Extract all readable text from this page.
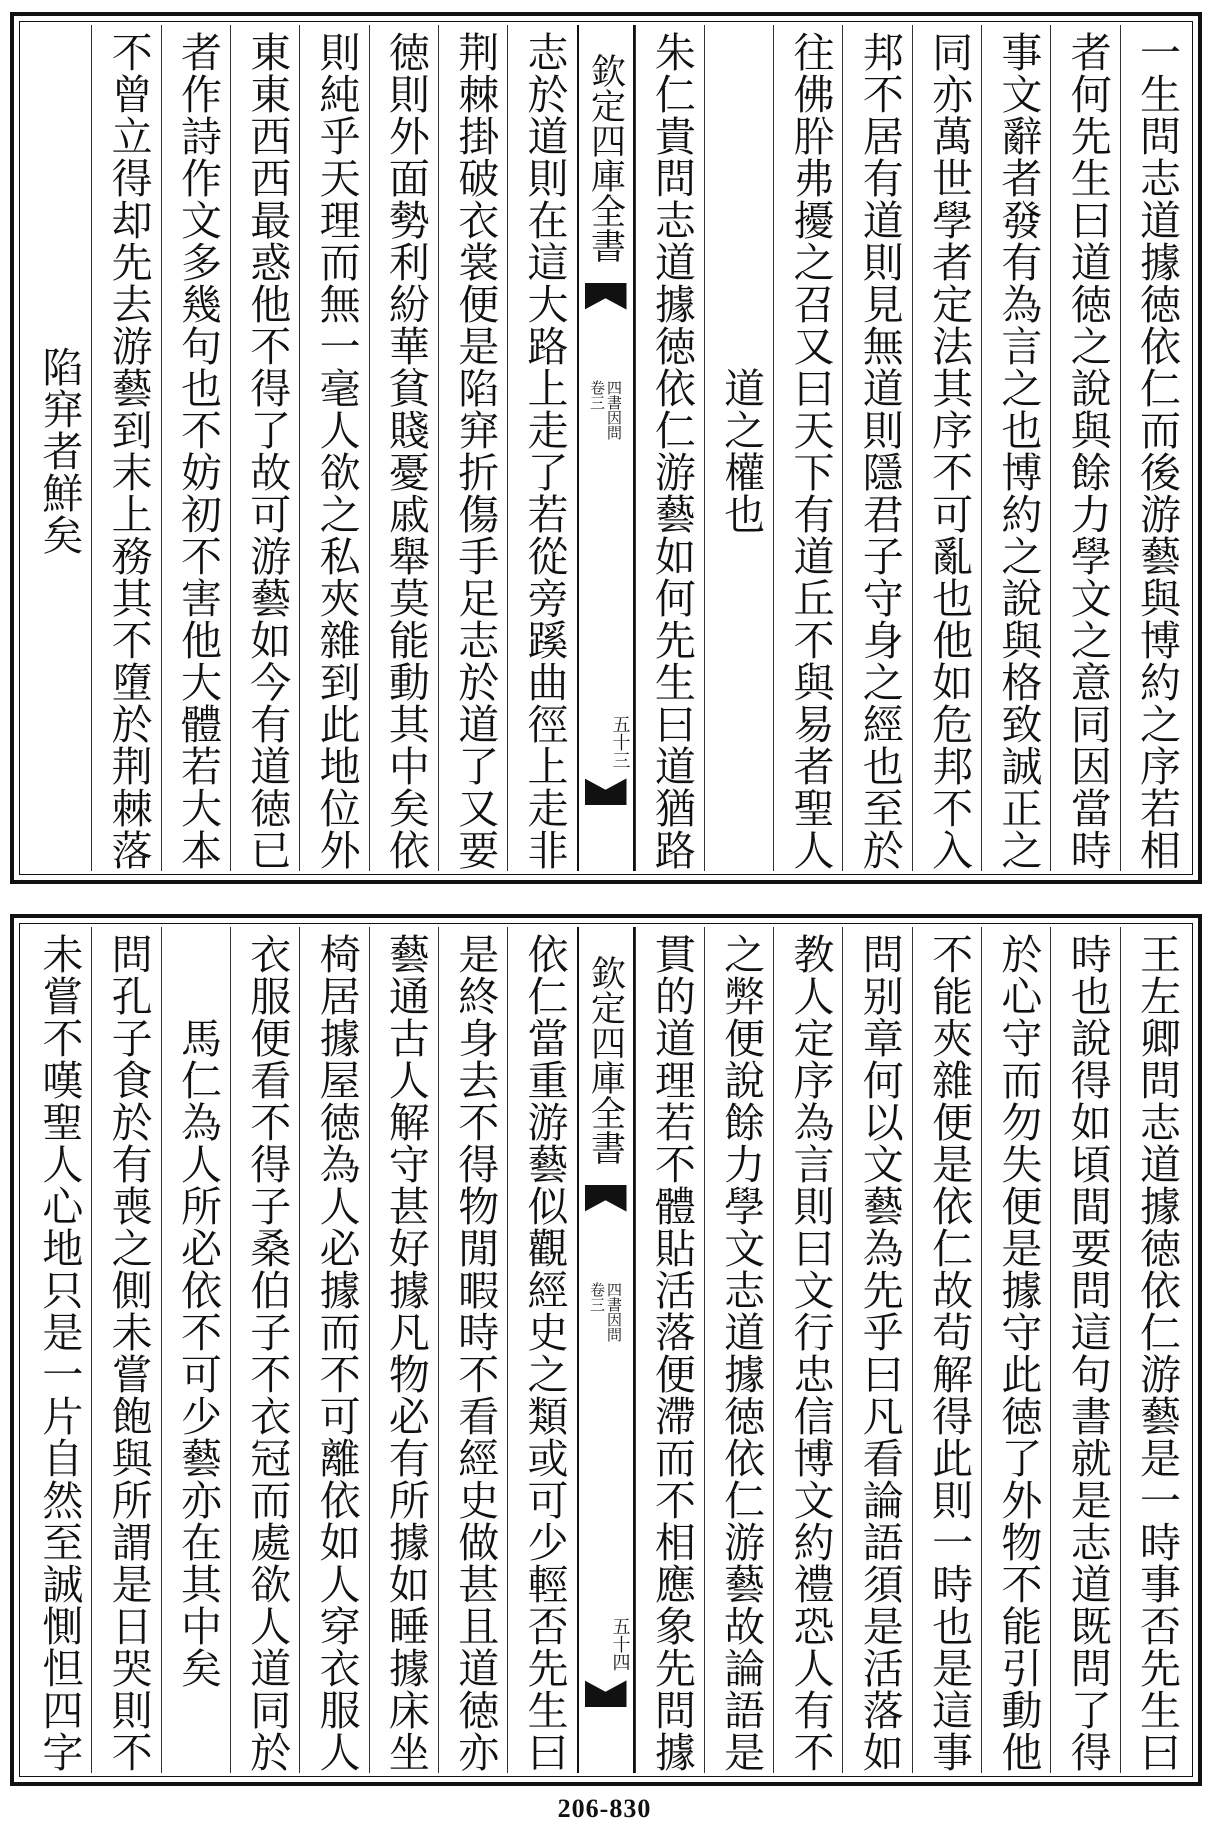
一生問志道據徳依仁而後游藝與博約之序若相
者何先生曰道徳之說與餘力學文之意同因當時
事文辭者發有為言之也博約之說與格致誠正之
同亦萬世學者定法其序不可亂也他如危邦不入
邦不居有道則見無道則隱君子守身之經也至於
往佛肸弗擾之召又曰天下有道丘不與易者聖人
道之權也
朱仁貴問志道據徳依仁游藝如何先生曰道猶路
欽定四庫全書
四書因問
卷三
五十三
志於道則在這大路上走了若從旁蹊曲徑上走非
荆棘掛破衣裳便是陷穽折傷手足志於道了又要
徳則外面勢利紛華貧賤憂戚舉莫能動其中矣依
則純乎天理而無一毫人欲之私夾雜到此地位外
東東西西最惑他不得了故可游藝如今有道徳已
者作詩作文多幾句也不妨初不害他大體若大本
不曾立得却先去游藝到末上務其不墮於荆棘落
陷穽者鮮矣
王左卿問志道據徳依仁游藝是一時事否先生曰
時也說得如頃間要問這句書就是志道既問了得
於心守而勿失便是據守此徳了外物不能引動他
不能夾雜便是依仁故茍解得此則一時也是這事
問别章何以文藝為先乎曰凡看論語須是活落如
教人定序為言則曰文行忠信博文約禮恐人有不
之弊便說餘力學文志道據徳依仁游藝故論語是
貫的道理若不體貼活落便滯而不相應象先問據
欽定四庫全書
四書因問
卷三
五十四
依仁當重游藝似觀經史之類或可少輕否先生曰
是終身去不得物閒暇時不看經史做甚且道徳亦
藝通古人解守甚好據凡物必有所據如睡據床坐
椅居據屋徳為人必據而不可離依如人穿衣服人
衣服便看不得子桑伯子不衣冠而處欲人道同於
馬仁為人所必依不可少藝亦在其中矣
問孔子食於有喪之側未嘗飽與所謂是日哭則不
未嘗不嘆聖人心地只是一片自然至誠惻怛四字
206-830
